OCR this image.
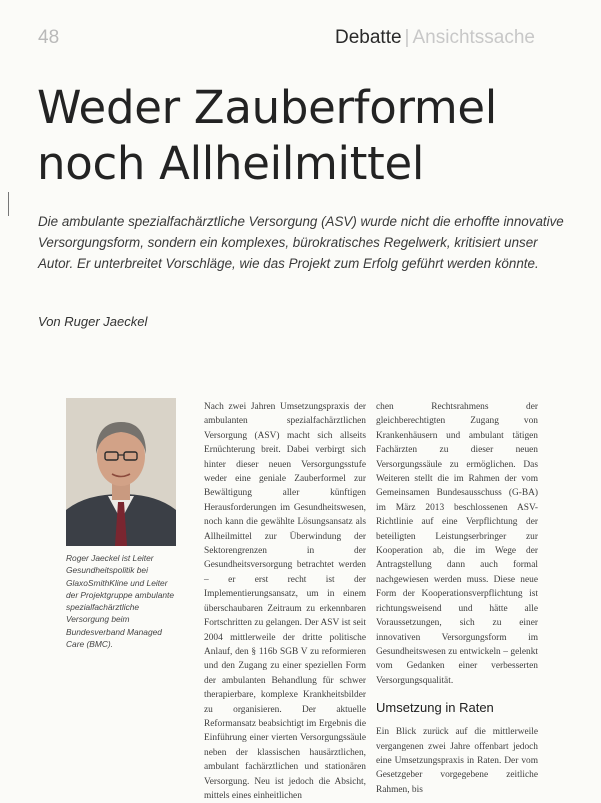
48	Debatte | Ansichtssache
Weder Zauberformel
noch Allheilmittel

Die ambulante spezialfachärztliche Versorgung (ASV) wurde nicht die erhoffte innovative Versorgungsform, sondern ein komplexes, bürokratisches Regelwerk, kritisiert unser Autor. Er unterbreitet Vorschläge, wie das Projekt zum Erfolg geführt werden könnte.

Von Ruger Jaeckel

Roger Jaeckel ist Leiter Gesundheitspolitik bei GlaxoSmithKline und Leiter der Projektgruppe ambulante spezialfachärztliche Versorgung beim Bundesverband Managed Care (BMC).

Nach zwei Jahren Umsetzungspraxis der ambulanten spezialfachärztlichen Versorgung (ASV) macht sich allseits Ernüchterung breit. Dabei verbirgt sich hinter dieser neuen Versorgungsstufe weder eine geniale Zauberformel zur Bewältigung aller künftigen Herausforderungen im Gesundheitswesen, noch kann die gewählte Lösungsansatz als Allheilmittel zur Überwindung der Sektorengrenzen in der Gesundheitsversorgung betrachtet werden – er erst recht ist der Implementierungsansatz, um in einem überschaubaren Zeitraum zu erkennbaren Fortschritten zu gelangen. Der ASV ist seit 2004 mittlerweile der dritte politische Anlauf, den § 116b SGB V zu reformieren und den Zugang zu einer speziellen Form der ambulanten Behandlung für schwer therapierbare, komplexe Krankheitsbilder zu organisieren. Der aktuelle Reformansatz beabsichtigt im Ergebnis die Einführung einer vierten Versorgungssäule neben der klassischen hausärztlichen, ambulant fachärztlichen und stationären Versorgung. Neu ist jedoch die Absicht, mittels eines einheitlichen

chen Rechtsrahmens der gleichberechtigten Zugang von Krankenhäusern und ambulant tätigen Fachärzten zu dieser neuen Versorgungssäule zu ermöglichen. Das Weiteren stellt die im Rahmen der vom Gemeinsamen Bundesausschuss (G-BA) im März 2013 beschlossenen ASV-Richtlinie auf eine Verpflichtung der beteiligten Leistungserbringer zur Kooperation ab, die im Wege der Antragstellung dann auch formal nachgewiesen werden muss. Diese neue Form der Kooperationsverpflichtung ist richtungsweisend und hätte alle Voraussetzungen, sich zu einer innovativen Versorgungsform im Gesundheitswesen zu entwickeln – gelenkt vom Gedanken einer verbesserten Versorgungsqualität.

Umsetzung in Raten

Ein Blick zurück auf die mittlerweile vergangenen zwei Jahre offenbart jedoch eine Umsetzungspraxis in Raten. Der vom Gesetzgeber vorgegebene zeitliche Rahmen, bis
